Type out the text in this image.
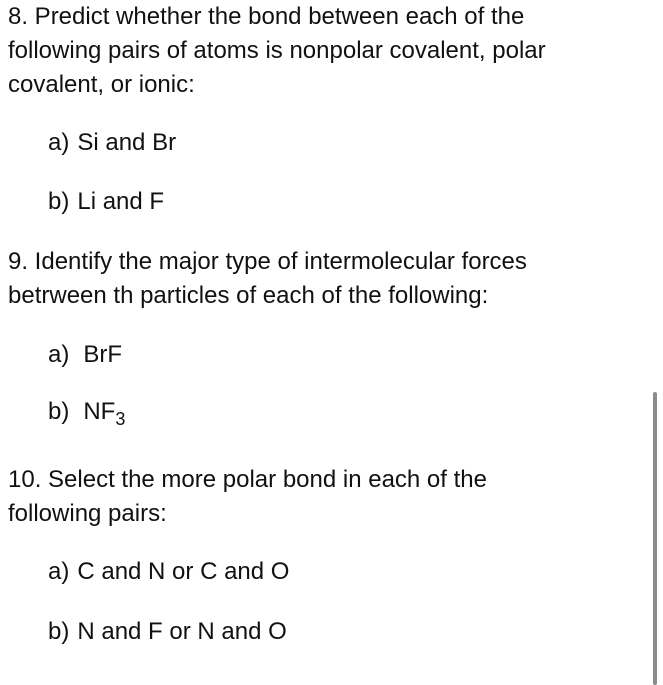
8. Predict whether the bond between each of the
following pairs of atoms is nonpolar covalent, polar
covalent, or ionic:
a) Si and Br
b) Li and F
9. Identify the major type of intermolecular forces
betrween th particles of each of the following:
a) BrF
b) $NF_3$
10. Select the more polar bond in each of the
following pairs:
a) C and N or C and O
b) N and F or N and O
